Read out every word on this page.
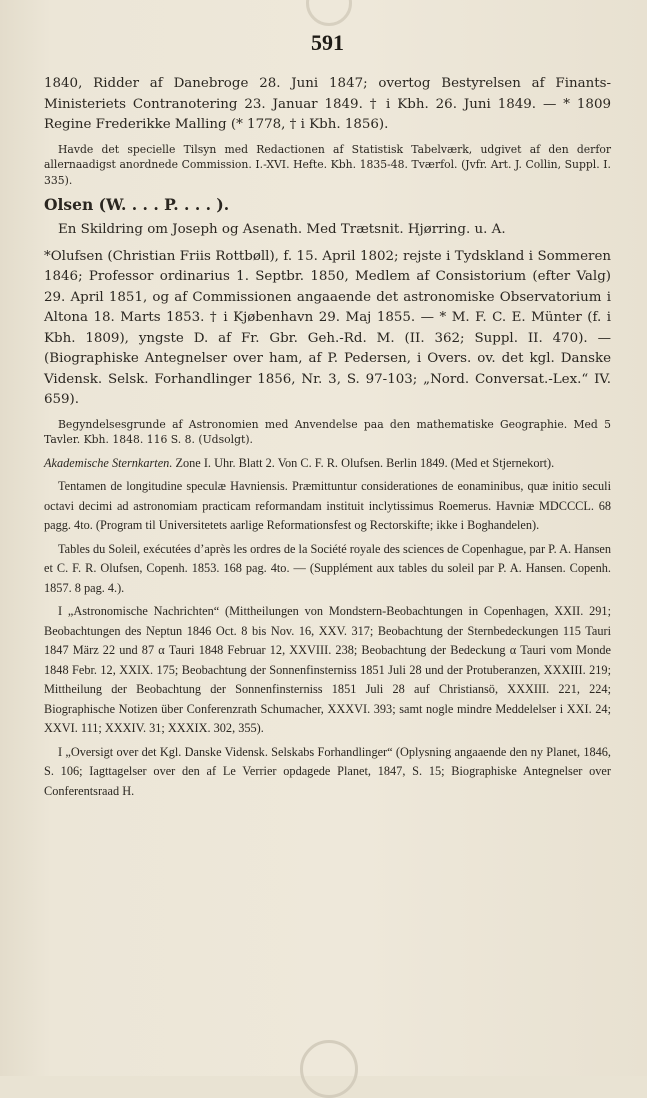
591

1840, Ridder af Danebroge 28. Juni 1847; overtog Bestyrelsen af Finants-Ministeriets Contranotering 23. Januar 1849. † i Kbh. 26. Juni 1849. — * 1809 Regine Frederikke Malling (* 1778, † i Kbh. 1856).

Havde det specielle Tilsyn med Redactionen af Statistisk Tabelværk, udgivet af den derfor allernaadigst anordnede Commission. I.-XVI. Hefte. Kbh. 1835-48. Tværfol. (Jvfr. Art. J. Collin, Suppl. I. 335).

Olsen (W. . . . P. . . . ).

En Skildring om Joseph og Asenath. Med Trætsnit. Hjørring. u. A.

*Olufsen (Christian Friis Rottbøll), f. 15. April 1802; rejste i Tydskland i Sommeren 1846; Professor ordinarius 1. Septbr. 1850, Medlem af Consistorium (efter Valg) 29. April 1851, og af Commissionen angaaende det astronomiske Observatorium i Altona 18. Marts 1853. † i Kjøbenhavn 29. Maj 1855. — * M. F. C. E. Münter (f. i Kbh. 1809), yngste D. af Fr. Gbr. Geh.-Rd. M. (II. 362; Suppl. II. 470). — (Biographiske Antegnelser over ham, af P. Pedersen, i Overs. ov. det kgl. Danske Vidensk. Selsk. Forhandlinger 1856, Nr. 3, S. 97-103; „Nord. Conversat.-Lex.“ IV. 659).

Begyndelsesgrunde af Astronomien med Anvendelse paa den mathematiske Geographie. Med 5 Tavler. Kbh. 1848. 116 S. 8. (Udsolgt).

Akademische Sternkarten. Zone I. Uhr. Blatt 2. Von C. F. R. Olufsen. Berlin 1849. (Med et Stjernekort).

Tentamen de longitudine speculæ Havniensis. Præmittuntur considerationes de eonaminibus, quæ initio seculi octavi decimi ad astronomiam practicam reformandam instituit inclytissimus Roemerus. Havniæ MDCCCL. 68 pagg. 4to. (Program til Universitetets aarlige Reformationsfest og Rectorskifte; ikke i Boghandelen).

Tables du Soleil, exécutées d’après les ordres de la Société royale des sciences de Copenhague, par P. A. Hansen et C. F. R. Olufsen, Copenh. 1853. 168 pag. 4to. — (Supplément aux tables du soleil par P. A. Hansen. Copenh. 1857. 8 pag. 4.).

I „Astronomische Nachrichten“ (Mittheilungen von Mondstern-Beobachtungen in Copenhagen, XXII. 291; Beobachtungen des Neptun 1846 Oct. 8 bis Nov. 16, XXV. 317; Beobachtung der Sternbedeckungen 115 Tauri 1847 März 22 und 87 α Tauri 1848 Februar 12, XXVIII. 238; Beobachtung der Bedeckung α Tauri vom Monde 1848 Febr. 12, XXIX. 175; Beobachtung der Sonnenfinsterniss 1851 Juli 28 und der Protuberanzen, XXXIII. 219; Mittheilung der Beobachtung der Sonnenfinsterniss 1851 Juli 28 auf Christiansö, XXXIII. 221, 224; Biographische Notizen über Conferenzrath Schumacher, XXXVI. 393; samt nogle mindre Meddelelser i XXI. 24; XXVI. 111; XXXIV. 31; XXXIX. 302, 355).

I „Oversigt over det Kgl. Danske Vidensk. Selskabs Forhandlinger“ (Oplysning angaaende den ny Planet, 1846, S. 106; Iagttagelser over den af Le Verrier opdagede Planet, 1847, S. 15; Biographiske Antegnelser over Conferentsraad H.
